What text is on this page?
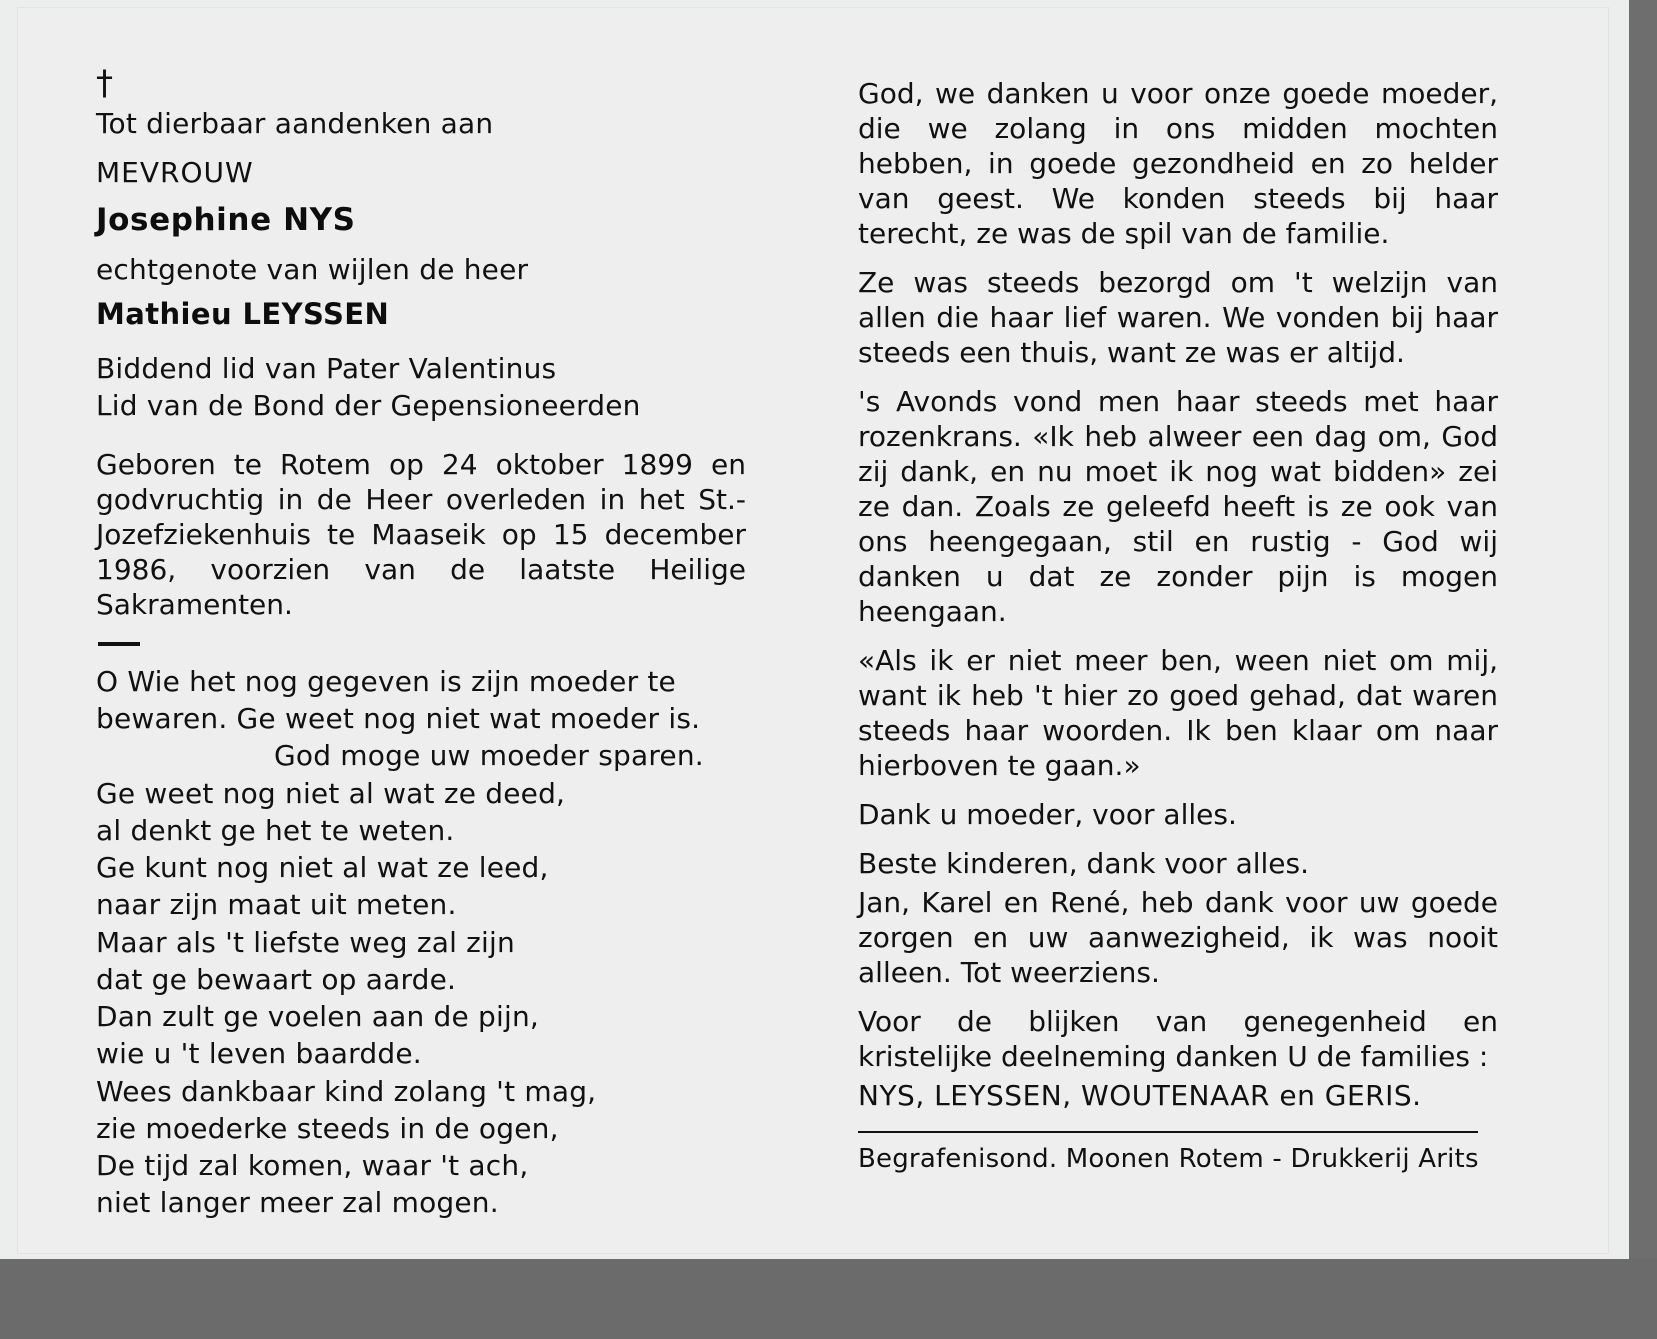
†
Tot dierbaar aandenken aan
MEVROUW
Josephine NYS
echtgenote van wijlen de heer
Mathieu LEYSSEN
Biddend lid van Pater Valentinus
Lid van de Bond der Gepensioneerden
Geboren te Rotem op 24 oktober 1899 en godvruchtig in de Heer overleden in het St.-Jozefziekenhuis te Maaseik op 15 december 1986, voorzien van de laatste Heilige Sakramenten.
O Wie het nog gegeven is zijn moeder te
bewaren. Ge weet nog niet wat moeder is.
God moge uw moeder sparen.
Ge weet nog niet al wat ze deed,
al denkt ge het te weten.
Ge kunt nog niet al wat ze leed,
naar zijn maat uit meten.
Maar als 't liefste weg zal zijn
dat ge bewaart op aarde.
Dan zult ge voelen aan de pijn,
wie u 't leven baardde.
Wees dankbaar kind zolang 't mag,
zie moederke steeds in de ogen,
De tijd zal komen, waar 't ach,
niet langer meer zal mogen.
God, we danken u voor onze goede moeder, die we zolang in ons midden mochten hebben, in goede gezondheid en zo helder van geest. We konden steeds bij haar terecht, ze was de spil van de familie.
Ze was steeds bezorgd om 't welzijn van allen die haar lief waren. We vonden bij haar steeds een thuis, want ze was er altijd.
's Avonds vond men haar steeds met haar rozenkrans. «Ik heb alweer een dag om, God zij dank, en nu moet ik nog wat bidden» zei ze dan. Zoals ze geleefd heeft is ze ook van ons heengegaan, stil en rustig - God wij danken u dat ze zonder pijn is mogen heengaan.
«Als ik er niet meer ben, ween niet om mij, want ik heb 't hier zo goed gehad, dat waren steeds haar woorden. Ik ben klaar om naar hierboven te gaan.»
Dank u moeder, voor alles.
Beste kinderen, dank voor alles.
Jan, Karel en René, heb dank voor uw goede zorgen en uw aanwezigheid, ik was nooit alleen. Tot weerziens.
Voor de blijken van genegenheid en kristelijke deelneming danken U de families :
NYS, LEYSSEN, WOUTENAAR en GERIS.
Begrafenisond. Moonen Rotem - Drukkerij Arits
